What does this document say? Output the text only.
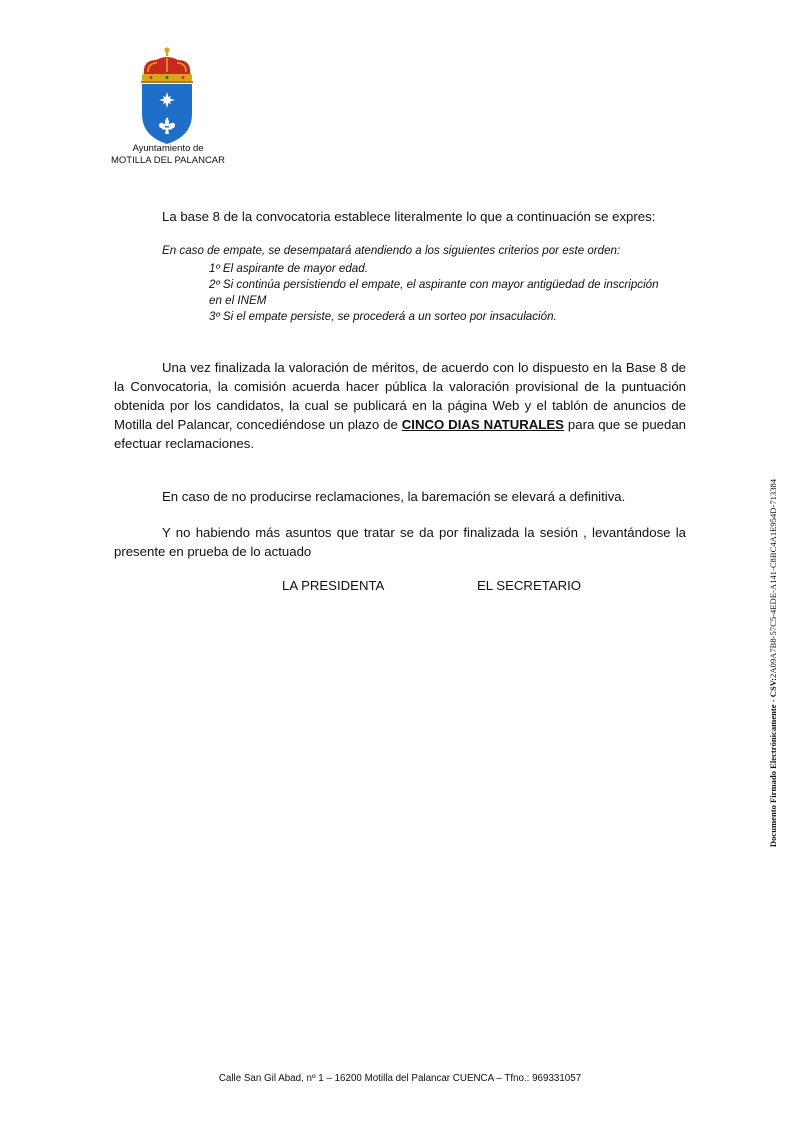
Ayuntamiento de
MOTILLA DEL PALANCAR
La base 8 de la convocatoria establece literalmente lo que a continuación se expres:
En caso de empate, se desempatará atendiendo a los siguientes criterios por este orden:
1º El aspirante de mayor edad.
2º Si continúa persistiendo el empate, el aspirante con mayor antigüedad de inscripción
en el INEM
3º Si el empate persiste, se procederá a un sorteo por insaculación.
Una vez finalizada la valoración de méritos, de acuerdo con lo dispuesto en la Base 8 de la Convocatoria, la comisión acuerda hacer pública la valoración provisional de la puntuación obtenida por los candidatos, la cual se publicará en la página Web y el tablón de anuncios de Motilla del Palancar, concediéndose un plazo de CINCO DIAS NATURALES para que se puedan efectuar reclamaciones.
En caso de no producirse reclamaciones, la baremación se elevará a definitiva.
Y no habiendo más asuntos que tratar se da por finalizada la sesión , levantándose la presente en prueba de lo actuado
LA PRESIDENTA	EL SECRETARIO
Documento Firmado Electrónicamente - CSV:2A09A7B8-57C5-4EDE-A141-C8BC4A1E954D-713384
Calle San Gil Abad, nº 1 – 16200 Motilla del Palancar CUENCA – Tfno.: 969331057
